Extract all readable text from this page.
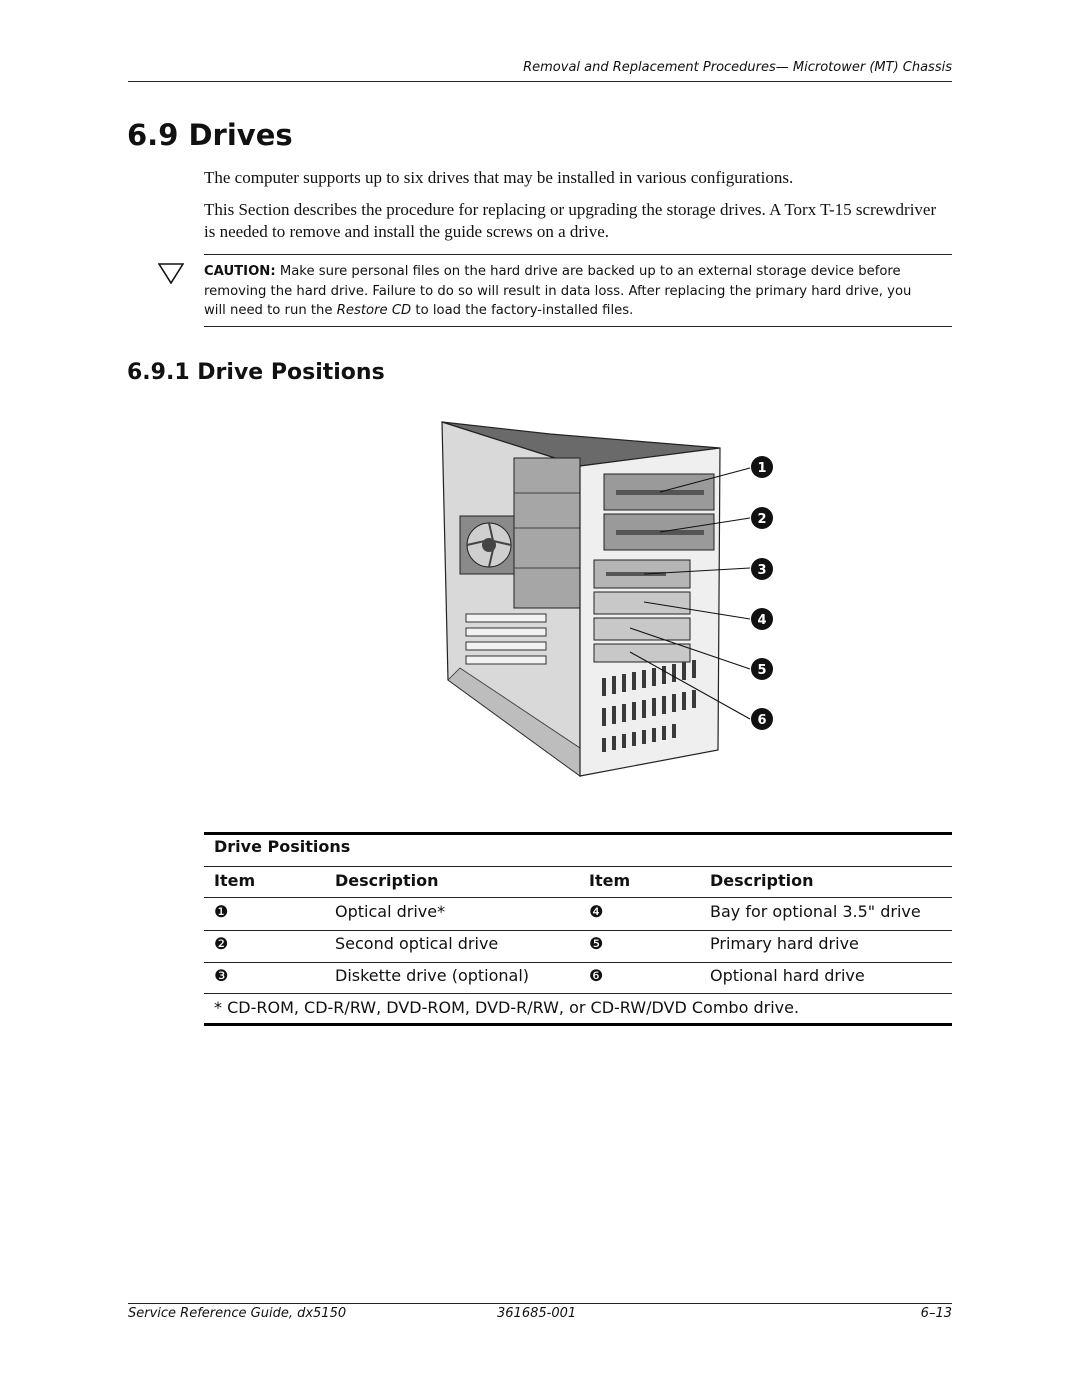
Removal and Replacement Procedures— Microtower (MT) Chassis
6.9 Drives

The computer supports up to six drives that may be installed in various configurations.

This Section describes the procedure for replacing or upgrading the storage drives. A Torx T-15 screwdriver is needed to remove and install the guide screws on a drive.

CAUTION: Make sure personal files on the hard drive are backed up to an external storage device before removing the hard drive. Failure to do so will result in data loss. After replacing the primary hard drive, you will need to run the Restore CD to load the factory-installed files.
6.9.1 Drive Positions
1
2
3
4
5
6
Drive Positions
Item	Description	Item	Description
❶	Optical drive*	❹	Bay for optional 3.5" drive
❷	Second optical drive	❺	Primary hard drive
❸	Diskette drive (optional)	❻	Optional hard drive
* CD-ROM, CD-R/RW, DVD-ROM, DVD-R/RW, or CD-RW/DVD Combo drive.
Service Reference Guide, dx5150	361685-001	6–13
